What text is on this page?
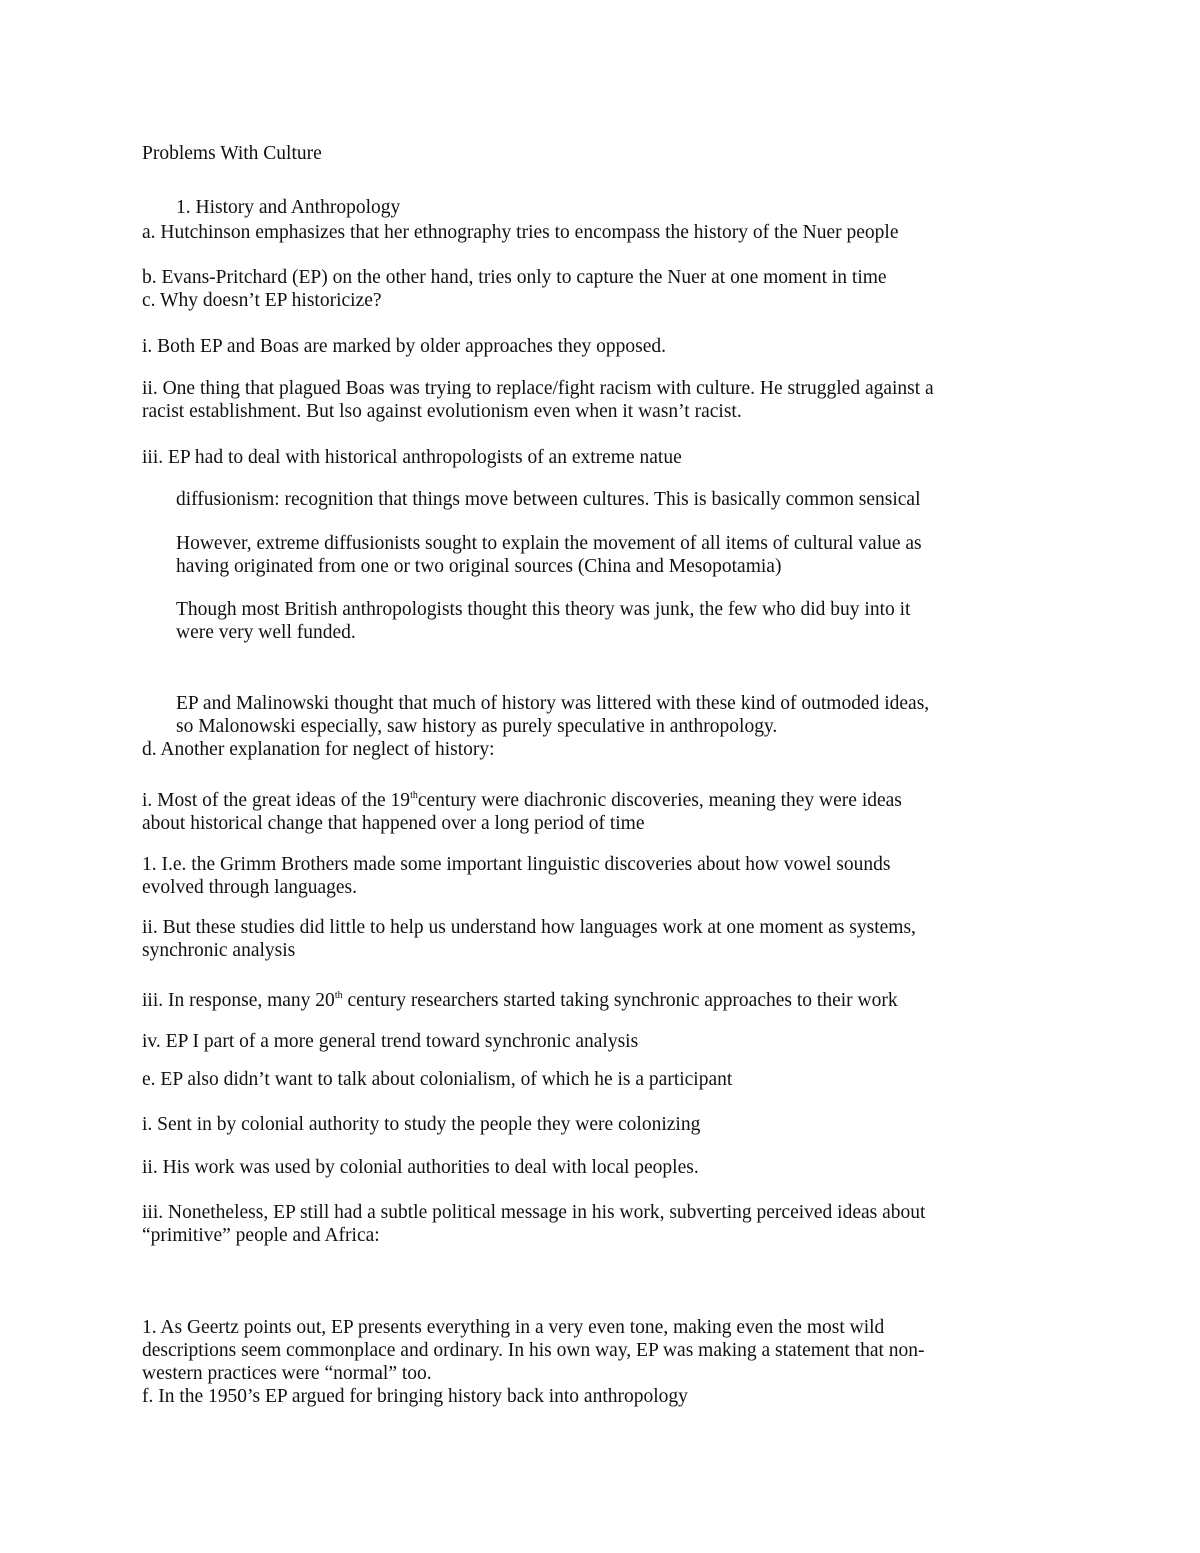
Problems With Culture

1. History and Anthropology

a. Hutchinson emphasizes that her ethnography tries to encompass the history of the Nuer people

b. Evans-Pritchard (EP) on the other hand, tries only to capture the Nuer at one moment in time

c. Why doesn’t EP historicize?

i. Both EP and Boas are marked by older approaches they opposed.

ii. One thing that plagued Boas was trying to replace/fight racism with culture. He struggled against a

racist establishment. But lso against evolutionism even when it wasn’t racist.

iii. EP had to deal with historical anthropologists of an extreme natue

diffusionism: recognition that things move between cultures. This is basically common sensical

However, extreme diffusionists sought to explain the movement of all items of cultural value as

having originated from one or two original sources (China and Mesopotamia)

Though most British anthropologists thought this theory was junk, the few who did buy into it

were very well funded.

EP and Malinowski thought that much of history was littered with these kind of outmoded ideas,

so Malonowski especially, saw history as purely speculative in anthropology.

d. Another explanation for neglect of history:

i. Most of the great ideas of the 19thcentury were diachronic discoveries, meaning they were ideas

about historical change that happened over a long period of time

1. I.e. the Grimm Brothers made some important linguistic discoveries about how vowel sounds

evolved through languages.

ii. But these studies did little to help us understand how languages work at one moment as systems,

synchronic analysis

iii. In response, many 20th century researchers started taking synchronic approaches to their work

iv. EP I part of a more general trend toward synchronic analysis

e. EP also didn’t want to talk about colonialism, of which he is a participant

i. Sent in by colonial authority to study the people they were colonizing

ii. His work was used by colonial authorities to deal with local peoples.

iii. Nonetheless, EP still had a subtle political message in his work, subverting perceived ideas about

“primitive” people and Africa:

1. As Geertz points out, EP presents everything in a very even tone, making even the most wild

descriptions seem commonplace and ordinary. In his own way, EP was making a statement that non-

western practices were “normal” too.

f. In the 1950’s EP argued for bringing history back into anthropology
